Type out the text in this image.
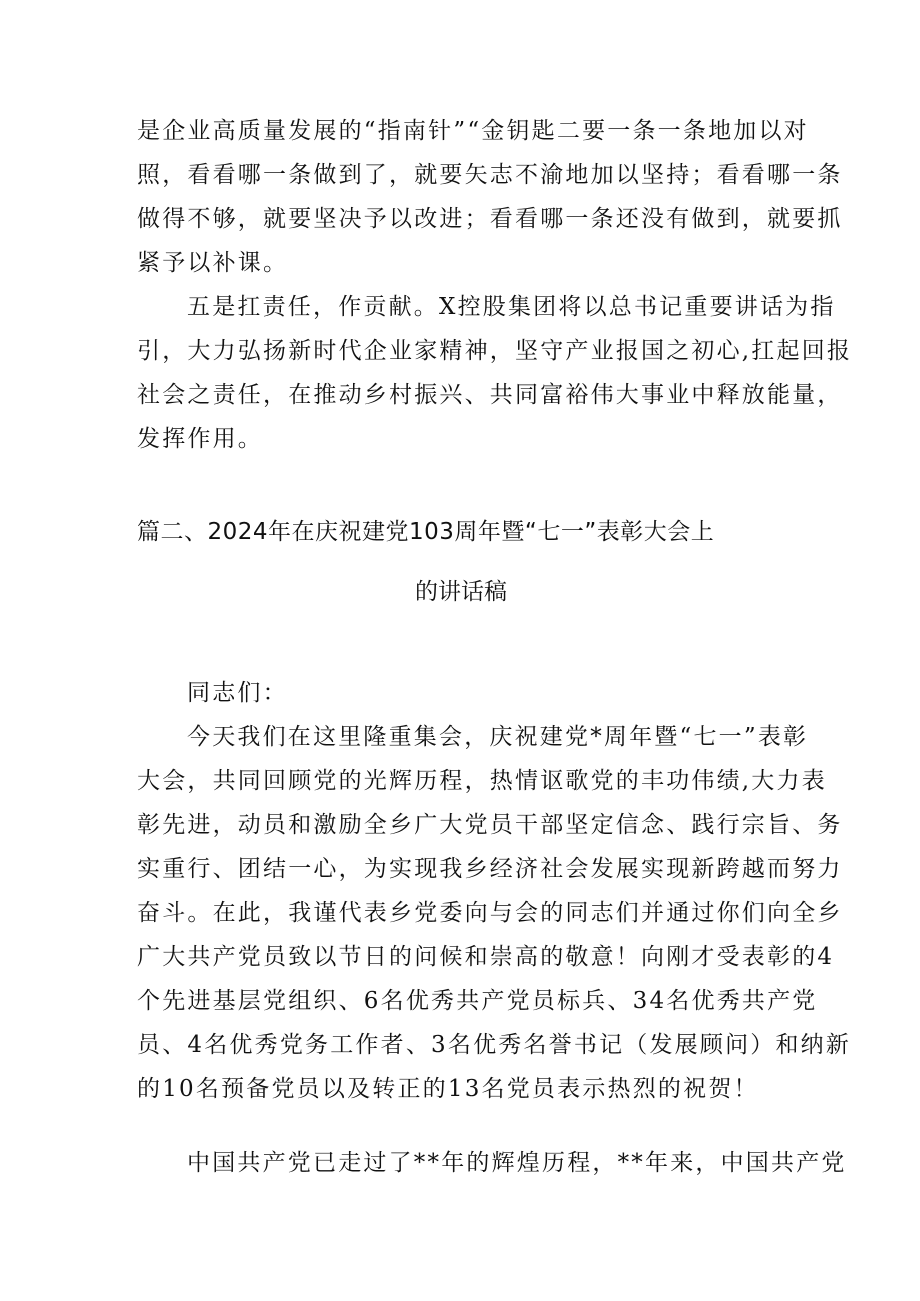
是企业高质量发展的“指南针”“金钥匙二要一条一条地加以对
照，看看哪一条做到了，就要矢志不渝地加以坚持；看看哪一条
做得不够，就要坚决予以改进；看看哪一条还没有做到，就要抓
紧予以补课。
五是扛责任，作贡献。X控股集团将以总书记重要讲话为指
引，大力弘扬新时代企业家精神，坚守产业报国之初心,扛起回报
社会之责任，在推动乡村振兴、共同富裕伟大事业中释放能量，
发挥作用。
篇二、2024年在庆祝建党103周年暨“七一”表彰大会上
的讲话稿
同志们：
今天我们在这里隆重集会，庆祝建党*周年暨“七一”表彰
大会，共同回顾党的光辉历程，热情讴歌党的丰功伟绩,大力表
彰先进，动员和激励全乡广大党员干部坚定信念、践行宗旨、务
实重行、团结一心，为实现我乡经济社会发展实现新跨越而努力
奋斗。在此，我谨代表乡党委向与会的同志们并通过你们向全乡
广大共产党员致以节日的问候和崇高的敬意！向刚才受表彰的4
个先进基层党组织、6名优秀共产党员标兵、34名优秀共产党
员、4名优秀党务工作者、3名优秀名誉书记（发展顾问）和纳新
的10名预备党员以及转正的13名党员表示热烈的祝贺！
中国共产党已走过了**年的辉煌历程，**年来，中国共产党
